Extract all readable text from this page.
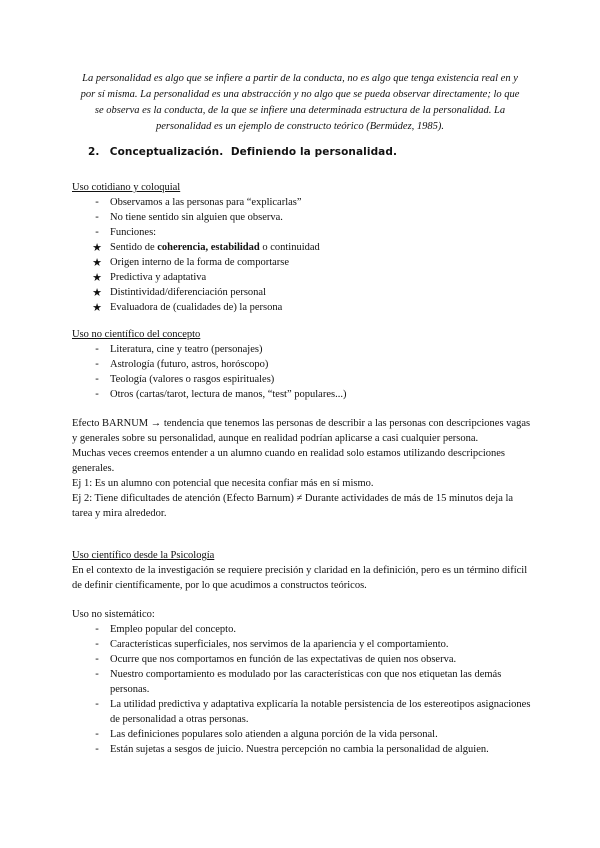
La personalidad es algo que se infiere a partir de la conducta, no es algo que tenga existencia real en y por sí misma. La personalidad es una abstracción y no algo que se pueda observar directamente; lo que se observa es la conducta, de la que se infiere una determinada estructura de la personalidad. La personalidad es un ejemplo de constructo teórico (Bermúdez, 1985).

2. Conceptualización. Definiendo la personalidad.
Uso cotidiano y coloquial
-	Observamos a las personas para “explicarlas”
-	No tiene sentido sin alguien que observa.
-	Funciones:
★ Sentido de coherencia, estabilidad o continuidad
★ Origen interno de la forma de comportarse
★ Predictiva y adaptativa
★ Distintividad/diferenciación personal
★ Evaluadora de (cualidades de) la persona
Uso no científico del concepto
-	Literatura, cine y teatro (personajes)
-	Astrología (futuro, astros, horóscopo)
-	Teología (valores o rasgos espirituales)
-	Otros (cartas/tarot, lectura de manos, “test” populares...)

Efecto BARNUM → tendencia que tenemos las personas de describir a las personas con descripciones vagas y generales sobre su personalidad, aunque en realidad podrían aplicarse a casi cualquier persona.

Muchas veces creemos entender a un alumno cuando en realidad solo estamos utilizando descripciones generales.

Ej 1: Es un alumno con potencial que necesita confiar más en sí mismo.

Ej 2: Tiene dificultades de atención (Efecto Barnum) ≠ Durante actividades de más de 15 minutos deja la tarea y mira alrededor.

Uso científico desde la Psicología

En el contexto de la investigación se requiere precisión y claridad en la definición, pero es un término difícil de definir científicamente, por lo que acudimos a constructos teóricos.

Uso no sistemático:
-	Empleo popular del concepto.
-	Características superficiales, nos servimos de la apariencia y el comportamiento.
-	Ocurre que nos comportamos en función de las expectativas de quien nos observa.
-	Nuestro comportamiento es modulado por las características con que nos etiquetan las demás personas.
-	La utilidad predictiva y adaptativa explicaría la notable persistencia de los estereotipos asignaciones de personalidad a otras personas.
-	Las definiciones populares solo atienden a alguna porción de la vida personal.
-	Están sujetas a sesgos de juicio. Nuestra percepción no cambia la personalidad de alguien.
